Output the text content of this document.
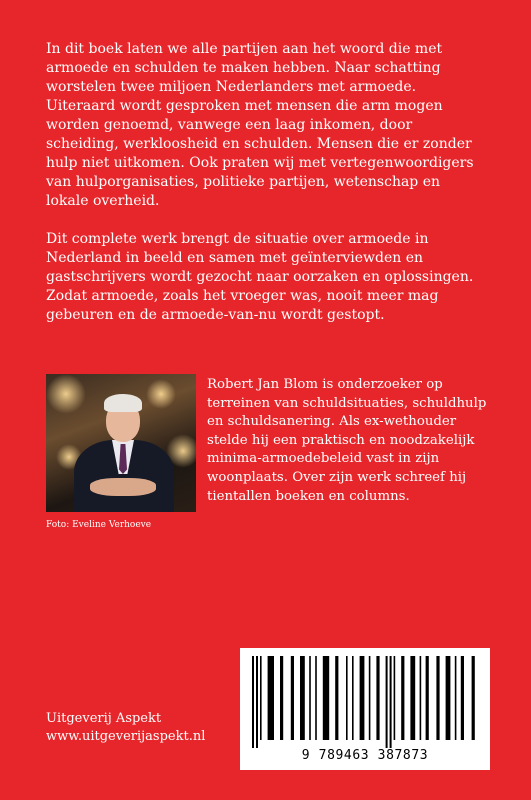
In dit boek laten we alle partijen aan het woord die met armoede en schulden te maken hebben. Naar schatting worstelen twee miljoen Nederlanders met armoede. Uiteraard wordt gesproken met mensen die arm mogen worden genoemd, vanwege een laag inkomen, door scheiding, werkloosheid en schulden. Mensen die er zonder hulp niet uitkomen. Ook praten wij met vertegenwoordigers van hulporganisaties, politieke partijen, wetenschap en lokale overheid.

Dit complete werk brengt de situatie over armoede in Nederland in beeld en samen met geïnterviewden en gastschrijvers wordt gezocht naar oorzaken en oplossingen. Zodat armoede, zoals het vroeger was, nooit meer mag gebeuren en de armoede-van-nu wordt gestopt.

Foto: Eveline Verhoeve

Robert Jan Blom is onderzoeker op terreinen van schuldsituaties, schuldhulp en schuldsanering. Als ex-wethouder stelde hij een praktisch en noodzakelijk minima-armoedebeleid vast in zijn woonplaats. Over zijn werk schreef hij tientallen boeken en columns.

Uitgeverij Aspekt
www.uitgeverijaspekt.nl
9 789463 387873
